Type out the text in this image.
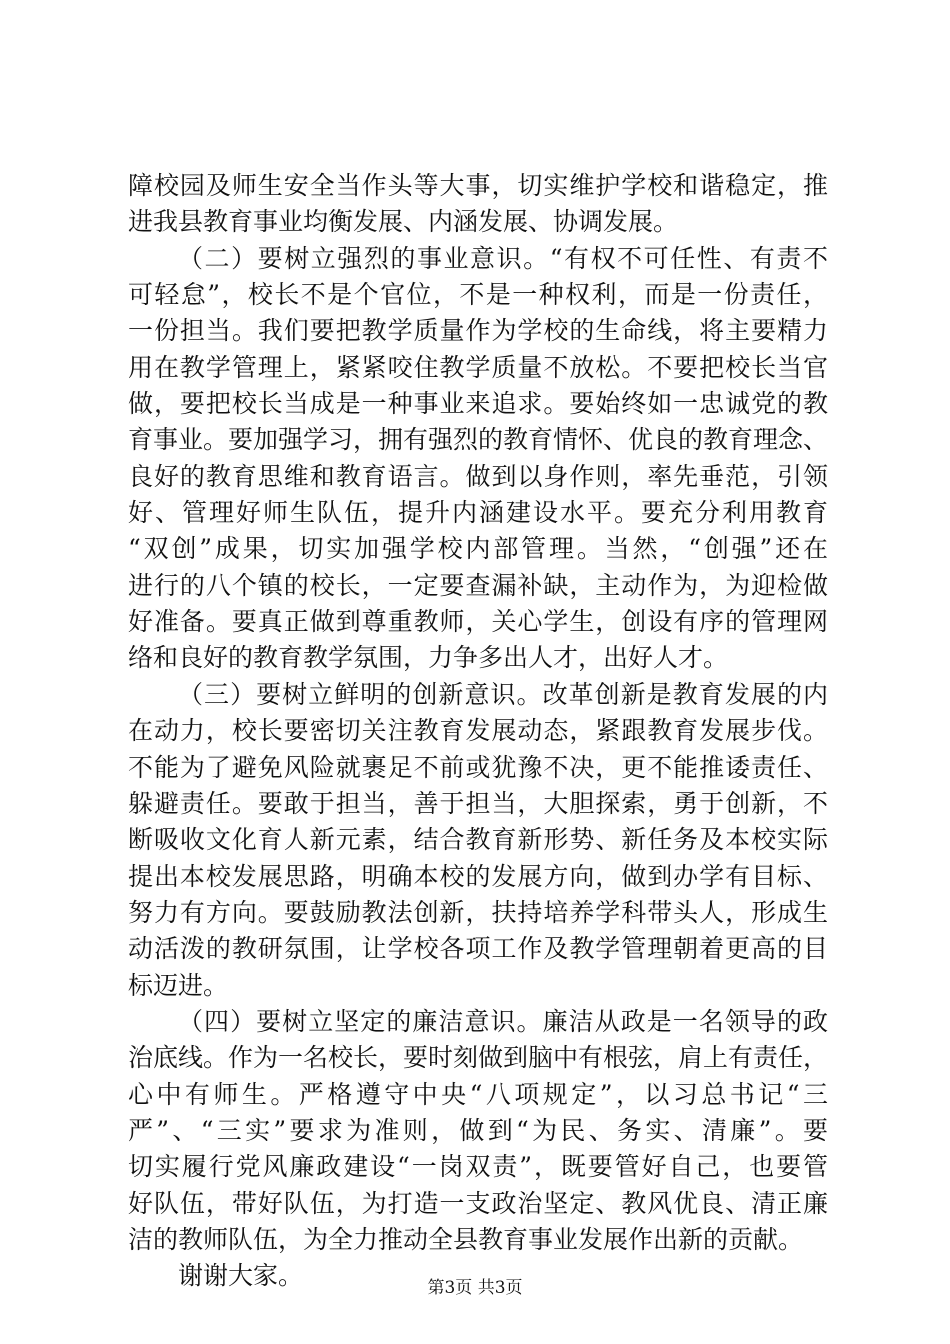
障校园及师生安全当作头等大事，切实维护学校和谐稳定，推
进我县教育事业均衡发展、内涵发展、协调发展。
（二）要树立强烈的事业意识。“有权不可任性、有责不
可轻怠”，校长不是个官位，不是一种权利，而是一份责任，
一份担当。我们要把教学质量作为学校的生命线，将主要精力
用在教学管理上，紧紧咬住教学质量不放松。不要把校长当官
做，要把校长当成是一种事业来追求。要始终如一忠诚党的教
育事业。要加强学习，拥有强烈的教育情怀、优良的教育理念、
良好的教育思维和教育语言。做到以身作则，率先垂范，引领
好、管理好师生队伍，提升内涵建设水平。要充分利用教育
“双创”成果，切实加强学校内部管理。当然，“创强”还在
进行的八个镇的校长，一定要查漏补缺，主动作为，为迎检做
好准备。要真正做到尊重教师，关心学生，创设有序的管理网
络和良好的教育教学氛围，力争多出人才，出好人才。
（三）要树立鲜明的创新意识。改革创新是教育发展的内
在动力，校长要密切关注教育发展动态，紧跟教育发展步伐。
不能为了避免风险就裹足不前或犹豫不决，更不能推诿责任、
躲避责任。要敢于担当，善于担当，大胆探索，勇于创新，不
断吸收文化育人新元素，结合教育新形势、新任务及本校实际
提出本校发展思路，明确本校的发展方向，做到办学有目标、
努力有方向。要鼓励教法创新，扶持培养学科带头人，形成生
动活泼的教研氛围，让学校各项工作及教学管理朝着更高的目
标迈进。
（四）要树立坚定的廉洁意识。廉洁从政是一名领导的政
治底线。作为一名校长，要时刻做到脑中有根弦，肩上有责任，
心中有师生。严格遵守中央“八项规定”，以习总书记“三
严”、“三实”要求为准则，做到“为民、务实、清廉”。要
切实履行党风廉政建设“一岗双责”，既要管好自己，也要管
好队伍，带好队伍，为打造一支政治坚定、教风优良、清正廉
洁的教师队伍，为全力推动全县教育事业发展作出新的贡献。
谢谢大家。	第3页 共3页
